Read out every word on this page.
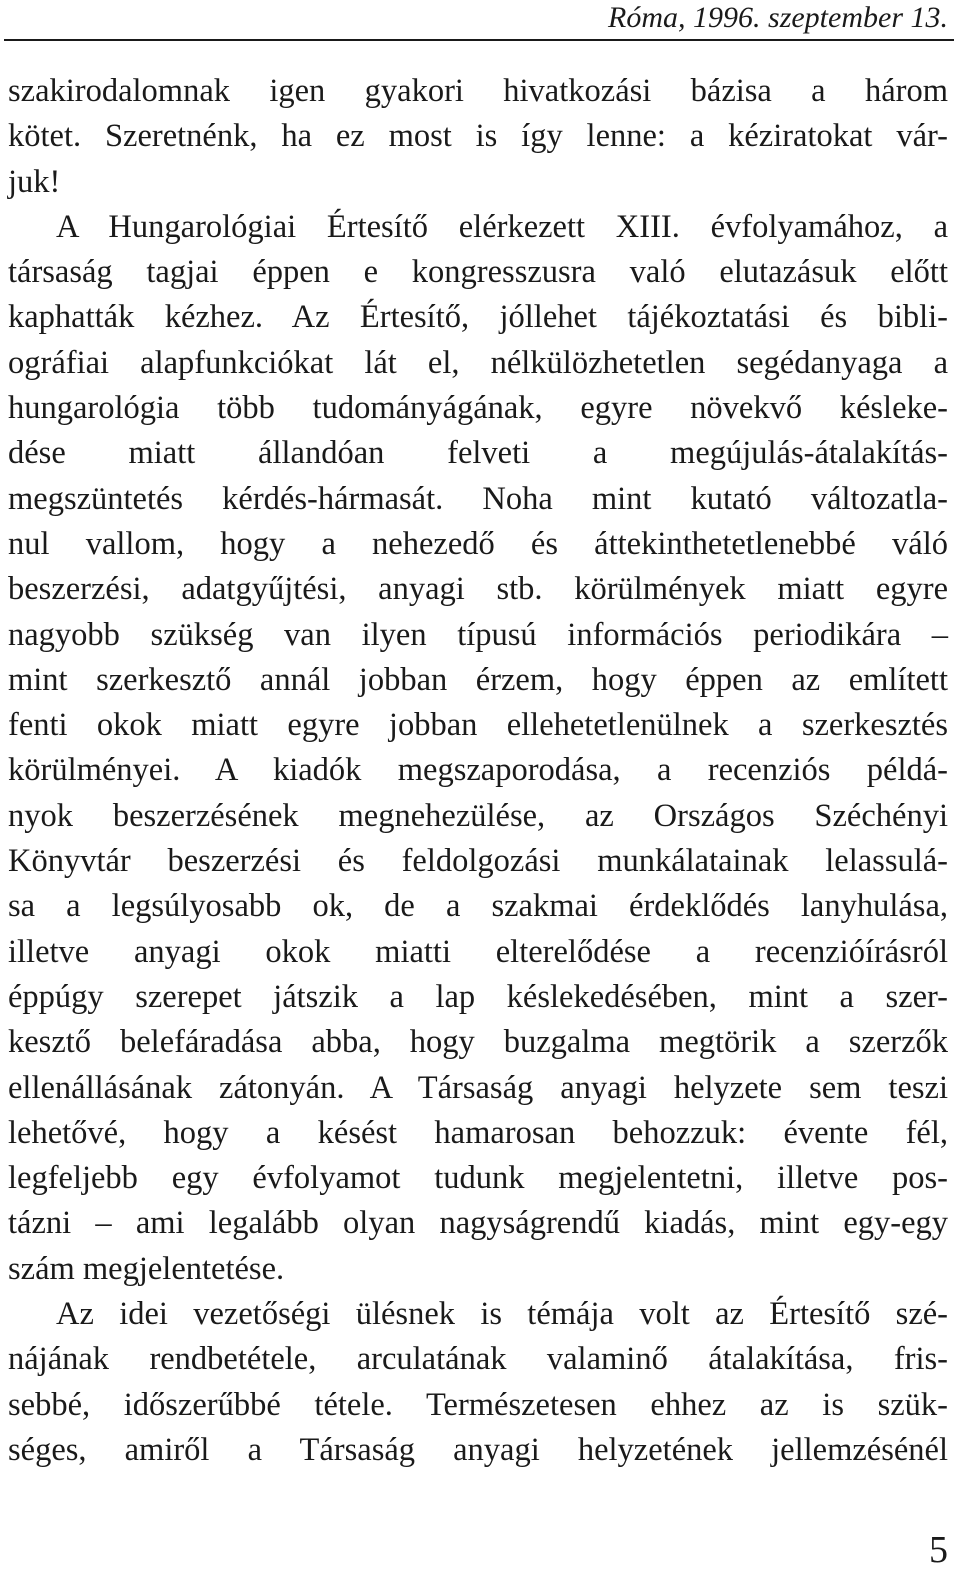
Róma, 1996. szeptember 13.
szakirodalomnak igen gyakori hivatkozási bázisa a három
kötet. Szeretnénk, ha ez most is így lenne: a kéziratokat vár-
juk!
A Hungarológiai Értesítő elérkezett XIII. évfolyamához, a
társaság tagjai éppen e kongresszusra való elutazásuk előtt
kaphatták kézhez. Az Értesítő, jóllehet tájékoztatási és bibli-
ográfiai alapfunkciókat lát el, nélkülözhetetlen segédanyaga a
hungarológia több tudományágának, egyre növekvő késleke-
dése miatt állandóan felveti a megújulás-átalakítás-
megszüntetés kérdés-hármasát. Noha mint kutató változatla-
nul vallom, hogy a nehezedő és áttekinthetetlenebbé váló
beszerzési, adatgyűjtési, anyagi stb. körülmények miatt egyre
nagyobb szükség van ilyen típusú információs periodikára –
mint szerkesztő annál jobban érzem, hogy éppen az említett
fenti okok miatt egyre jobban ellehetetlenülnek a szerkesztés
körülményei. A kiadók megszaporodása, a recenziós példá-
nyok beszerzésének megnehezülése, az Országos Széchényi
Könyvtár beszerzési és feldolgozási munkálatainak lelassulá-
sa a legsúlyosabb ok, de a szakmai érdeklődés lanyhulása,
illetve anyagi okok miatti elterelődése a recenzióírásról
éppúgy szerepet játszik a lap késlekedésében, mint a szer-
kesztő belefáradása abba, hogy buzgalma megtörik a szerzők
ellenállásának zátonyán. A Társaság anyagi helyzete sem teszi
lehetővé, hogy a késést hamarosan behozzuk: évente fél,
legfeljebb egy évfolyamot tudunk megjelentetni, illetve pos-
tázni – ami legalább olyan nagyságrendű kiadás, mint egy-egy
szám megjelentetése.
Az idei vezetőségi ülésnek is témája volt az Értesítő szé-
nájának rendbetétele, arculatának valaminő átalakítása, fris-
sebbé, időszerűbbé tétele. Természetesen ehhez az is szük-
séges, amiről a Társaság anyagi helyzetének jellemzésénél
5
